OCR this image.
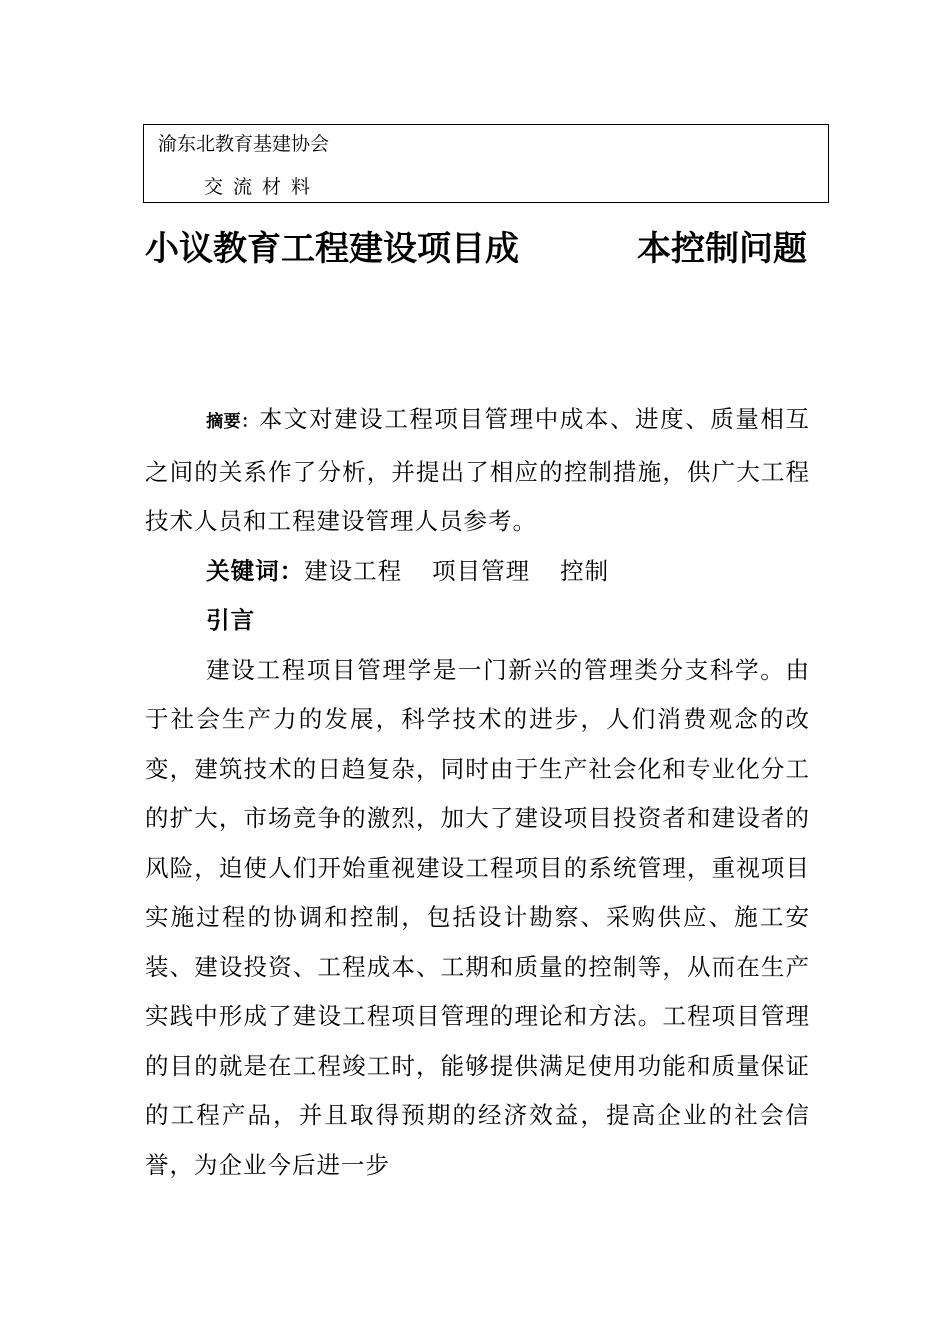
渝东北教育基建协会
交流材料
小议教育工程建设项目成	本控制问题

摘要：本文对建设工程项目管理中成本、进度、质量相互之间的关系作了分析，并提出了相应的控制措施，供广大工程技术人员和工程建设管理人员参考。

关键词：建设工程 项目管理 控制

引言

建设工程项目管理学是一门新兴的管理类分支科学。由于社会生产力的发展，科学技术的进步，人们消费观念的改变，建筑技术的日趋复杂，同时由于生产社会化和专业化分工的扩大，市场竞争的激烈，加大了建设项目投资者和建设者的风险，迫使人们开始重视建设工程项目的系统管理，重视项目实施过程的协调和控制，包括设计勘察、采购供应、施工安装、建设投资、工程成本、工期和质量的控制等，从而在生产实践中形成了建设工程项目管理的理论和方法。工程项目管理的目的就是在工程竣工时，能够提供满足使用功能和质量保证的工程产品，并且取得预期的经济效益，提高企业的社会信誉，为企业今后进一步
